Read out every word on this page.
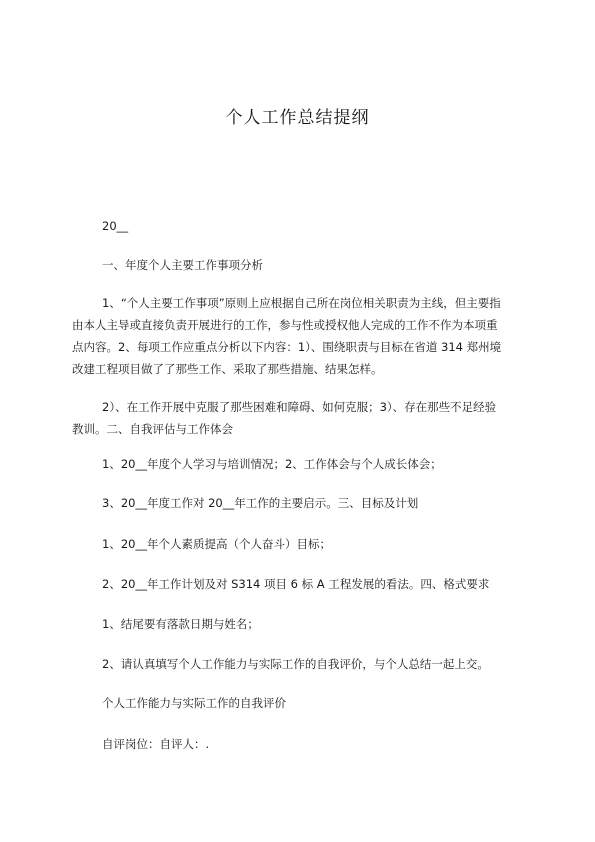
个人工作总结提纲
20__
一、年度个人主要工作事项分析
1、“个人主要工作事项”原则上应根据自己所在岗位相关职责为主线，但主要指
由本人主导或直接负责开展进行的工作，参与性或授权他人完成的工作不作为本项重
点内容。2、每项工作应重点分析以下内容：1）、围绕职责与目标在省道 314 郑州境
改建工程项目做了了那些工作、采取了那些措施、结果怎样。
2）、在工作开展中克服了那些困难和障碍、如何克服；3）、存在那些不足经验
教训。二、自我评估与工作体会
1、20__年度个人学习与培训情况；2、工作体会与个人成长体会；
3、20__年度工作对 20__年工作的主要启示。三、目标及计划
1、20__年个人素质提高（个人奋斗）目标；
2、20__年工作计划及对 S314 项目 6 标 A 工程发展的看法。四、格式要求
1、结尾要有落款日期与姓名；
2、请认真填写个人工作能力与实际工作的自我评价，与个人总结一起上交。
个人工作能力与实际工作的自我评价
自评岗位：自评人：.
